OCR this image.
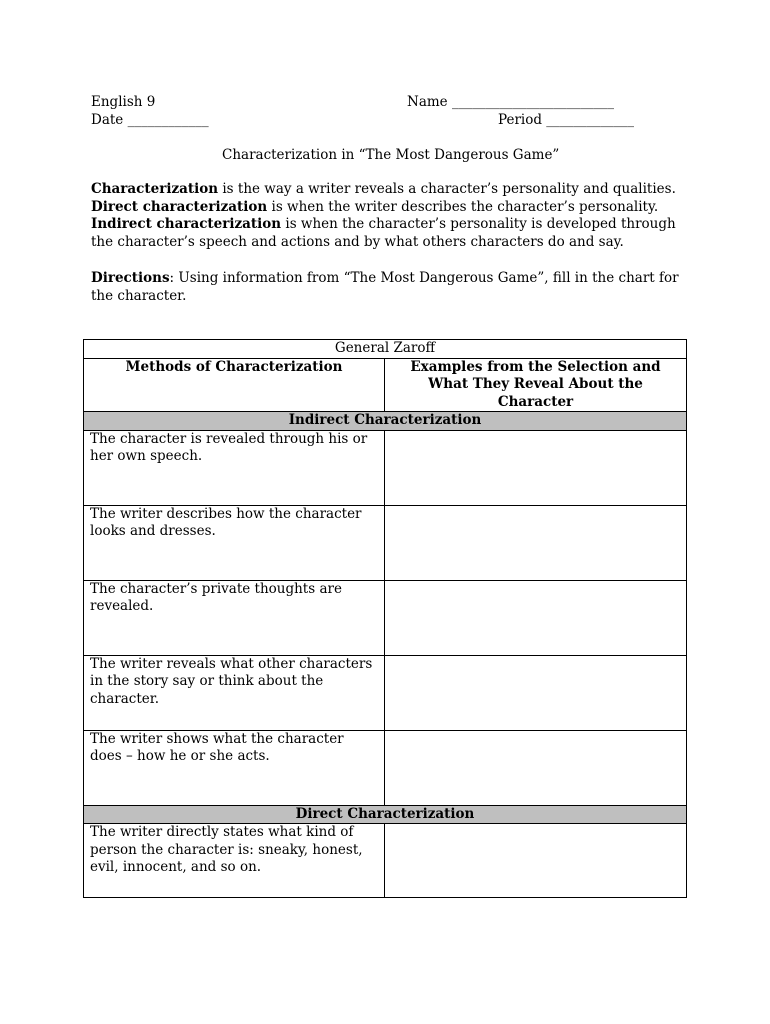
English 9	Name ________________________
Date ____________	Period _____________
Characterization in “The Most Dangerous Game”
Characterization is the way a writer reveals a character’s personality and qualities.
Direct characterization is when the writer describes the character’s personality.
Indirect characterization is when the character’s personality is developed through
the character’s speech and actions and by what others characters do and say.
Directions: Using information from “The Most Dangerous Game”, fill in the chart for
the character.
General Zaroff	
Methods of Characterization	Examples from the Selection and What They Reveal About the Character
Indirect Characterization	
The character is revealed through his or her own speech.	
The writer describes how the character looks and dresses.	
The character’s private thoughts are revealed.	
The writer reveals what other characters in the story say or think about the character.	
The writer shows what the character does – how he or she acts.	
Direct Characterization	
The writer directly states what kind of person the character is: sneaky, honest, evil, innocent, and so on.	
